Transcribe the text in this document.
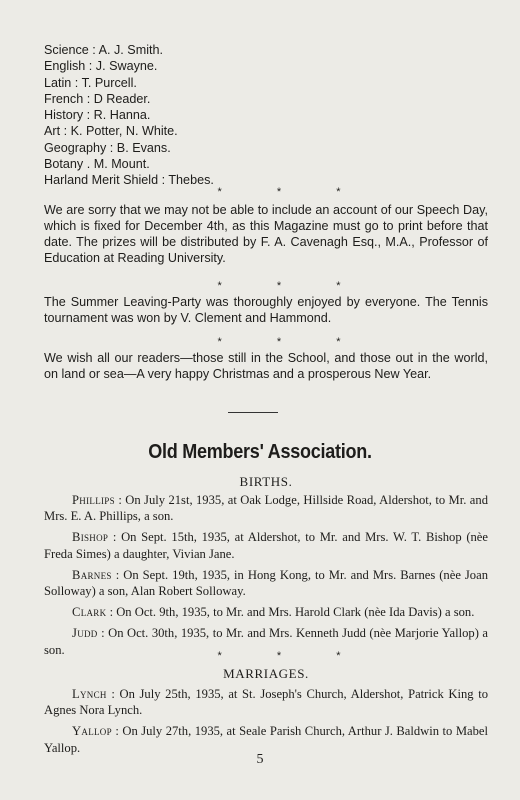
Science : A. J. Smith.
English : J. Swayne.
Latin : T. Purcell.
French : D Reader.
History : R. Hanna.
Art : K. Potter, N. White.
Geography : B. Evans.
Botany . M. Mount.
Harland Merit Shield : Thebes.
* * *
We are sorry that we may not be able to include an account of our Speech Day, which is fixed for December 4th, as this Magazine must go to print before that date. The prizes will be distributed by F. A. Cavenagh Esq., M.A., Professor of Education at Reading University.
* * *
The Summer Leaving-Party was thoroughly enjoyed by everyone. The Tennis tournament was won by V. Clement and Hammond.
* * *
We wish all our readers—those still in the School, and those out in the world, on land or sea—A very happy Christmas and a prosperous New Year.
Old Members' Association.
BIRTHS.
Phillips : On July 21st, 1935, at Oak Lodge, Hillside Road, Aldershot, to Mr. and Mrs. E. A. Phillips, a son.
Bishop : On Sept. 15th, 1935, at Aldershot, to Mr. and Mrs. W. T. Bishop (nèe Freda Simes) a daughter, Vivian Jane.
Barnes : On Sept. 19th, 1935, in Hong Kong, to Mr. and Mrs. Barnes (nèe Joan Solloway) a son, Alan Robert Solloway.
Clark : On Oct. 9th, 1935, to Mr. and Mrs. Harold Clark (nèe Ida Davis) a son.
Judd : On Oct. 30th, 1935, to Mr. and Mrs. Kenneth Judd (nèe Marjorie Yallop) a son.	* * *
MARRIAGES.
Lynch : On July 25th, 1935, at St. Joseph's Church, Aldershot, Patrick King to Agnes Nora Lynch.
Yallop : On July 27th, 1935, at Seale Parish Church, Arthur J. Baldwin to Mabel Yallop.
5
